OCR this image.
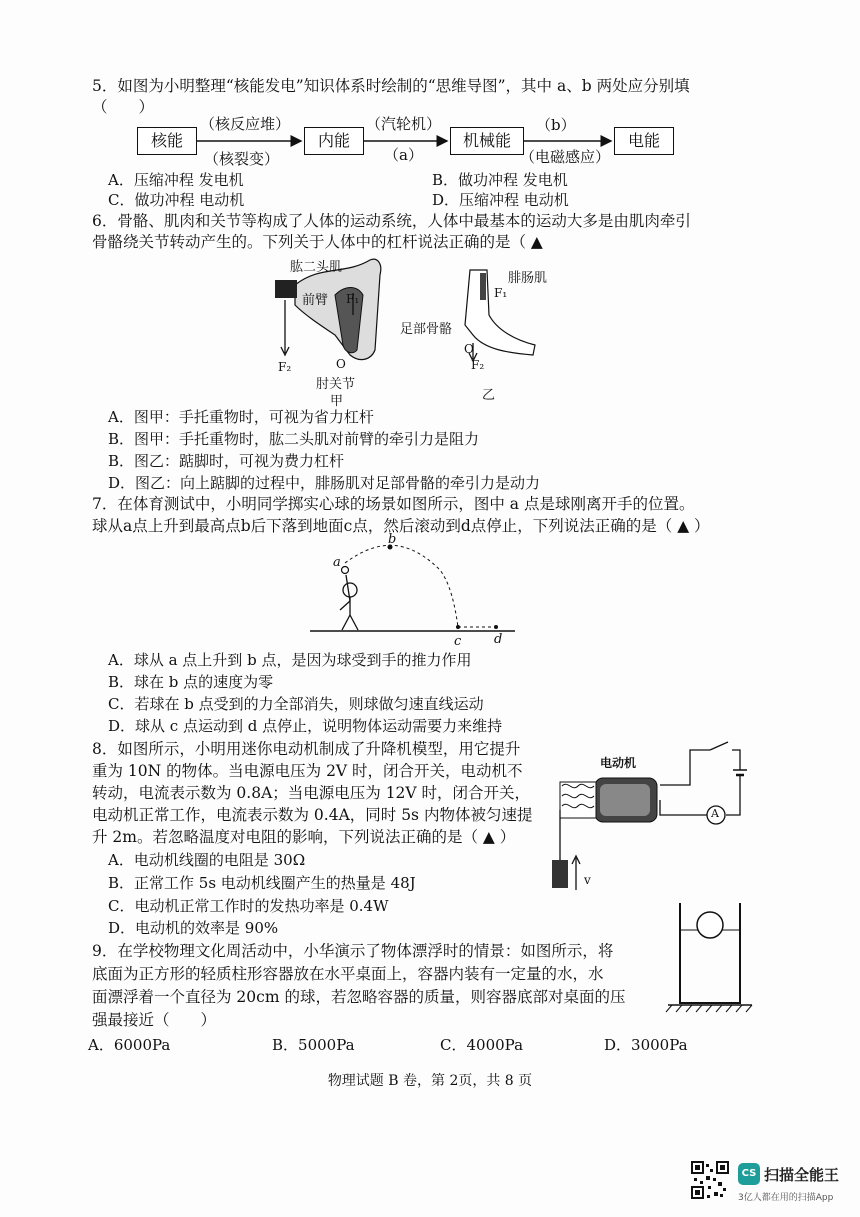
5．如图为小明整理“核能发电”知识体系时绘制的“思维导图”，其中 a、b 两处应分别填
（　　）
核能	内能	机械能	电能
（核反应堆）
（核裂变）
（汽轮机）
（a）
（b）
（电磁感应）
A．压缩冲程 发电机	B．做功冲程 发电机
C．做功冲程 电动机	D．压缩冲程 电动机
6．骨骼、肌肉和关节等构成了人体的运动系统，人体中最基本的运动大多是由肌肉牵引
骨骼绕关节转动产生的。下列关于人体中的杠杆说法正确的是（ ▲
肱二头肌
前臂 F₁
F₂	O
肘关节
甲
腓肠肌
F₁
足部骨骼
O
F₂
乙
A．图甲：手托重物时，可视为省力杠杆
B．图甲：手托重物时，肱二头肌对前臂的牵引力是阻力
B．图乙：踮脚时，可视为费力杠杆
D．图乙：向上踮脚的过程中，腓肠肌对足部骨骼的牵引力是动力
7．在体育测试中，小明同学掷实心球的场景如图所示，图中 a 点是球刚离开手的位置。
球从a点上升到最高点b后下落到地面c点，然后滚动到d点停止，下列说法正确的是（ ▲ ）
a
b
c	d
A．球从 a 点上升到 b 点，是因为球受到手的推力作用
B．球在 b 点的速度为零
C．若球在 b 点受到的力全部消失，则球做匀速直线运动
D．球从 c 点运动到 d 点停止，说明物体运动需要力来维持
8．如图所示，小明用迷你电动机制成了升降机模型，用它提升
重为 10N 的物体。当电源电压为 2V 时，闭合开关，电动机不
转动，电流表示数为 0.8A；当电源电压为 12V 时，闭合开关，
电动机正常工作，电流表示数为 0.4A，同时 5s 内物体被匀速提
升 2m。若忽略温度对电阻的影响，下列说法正确的是（ ▲ ）
电动机
A
v
A．电动机线圈的电阻是 30Ω
B．正常工作 5s 电动机线圈产生的热量是 48J
C．电动机正常工作时的发热功率是 0.4W
D．电动机的效率是 90%
9．在学校物理文化周活动中，小华演示了物体漂浮时的情景：如图所示，将
底面为正方形的轻质柱形容器放在水平桌面上，容器内装有一定量的水，水
面漂浮着一个直径为 20cm 的球，若忽略容器的质量，则容器底部对桌面的压
强最接近（　　）
A．6000Pa	B．5000Pa	C．4000Pa	D．3000Pa
物理试题 B 卷，第 2页，共 8 页
CS 扫描全能王
3亿人都在用的扫描App
